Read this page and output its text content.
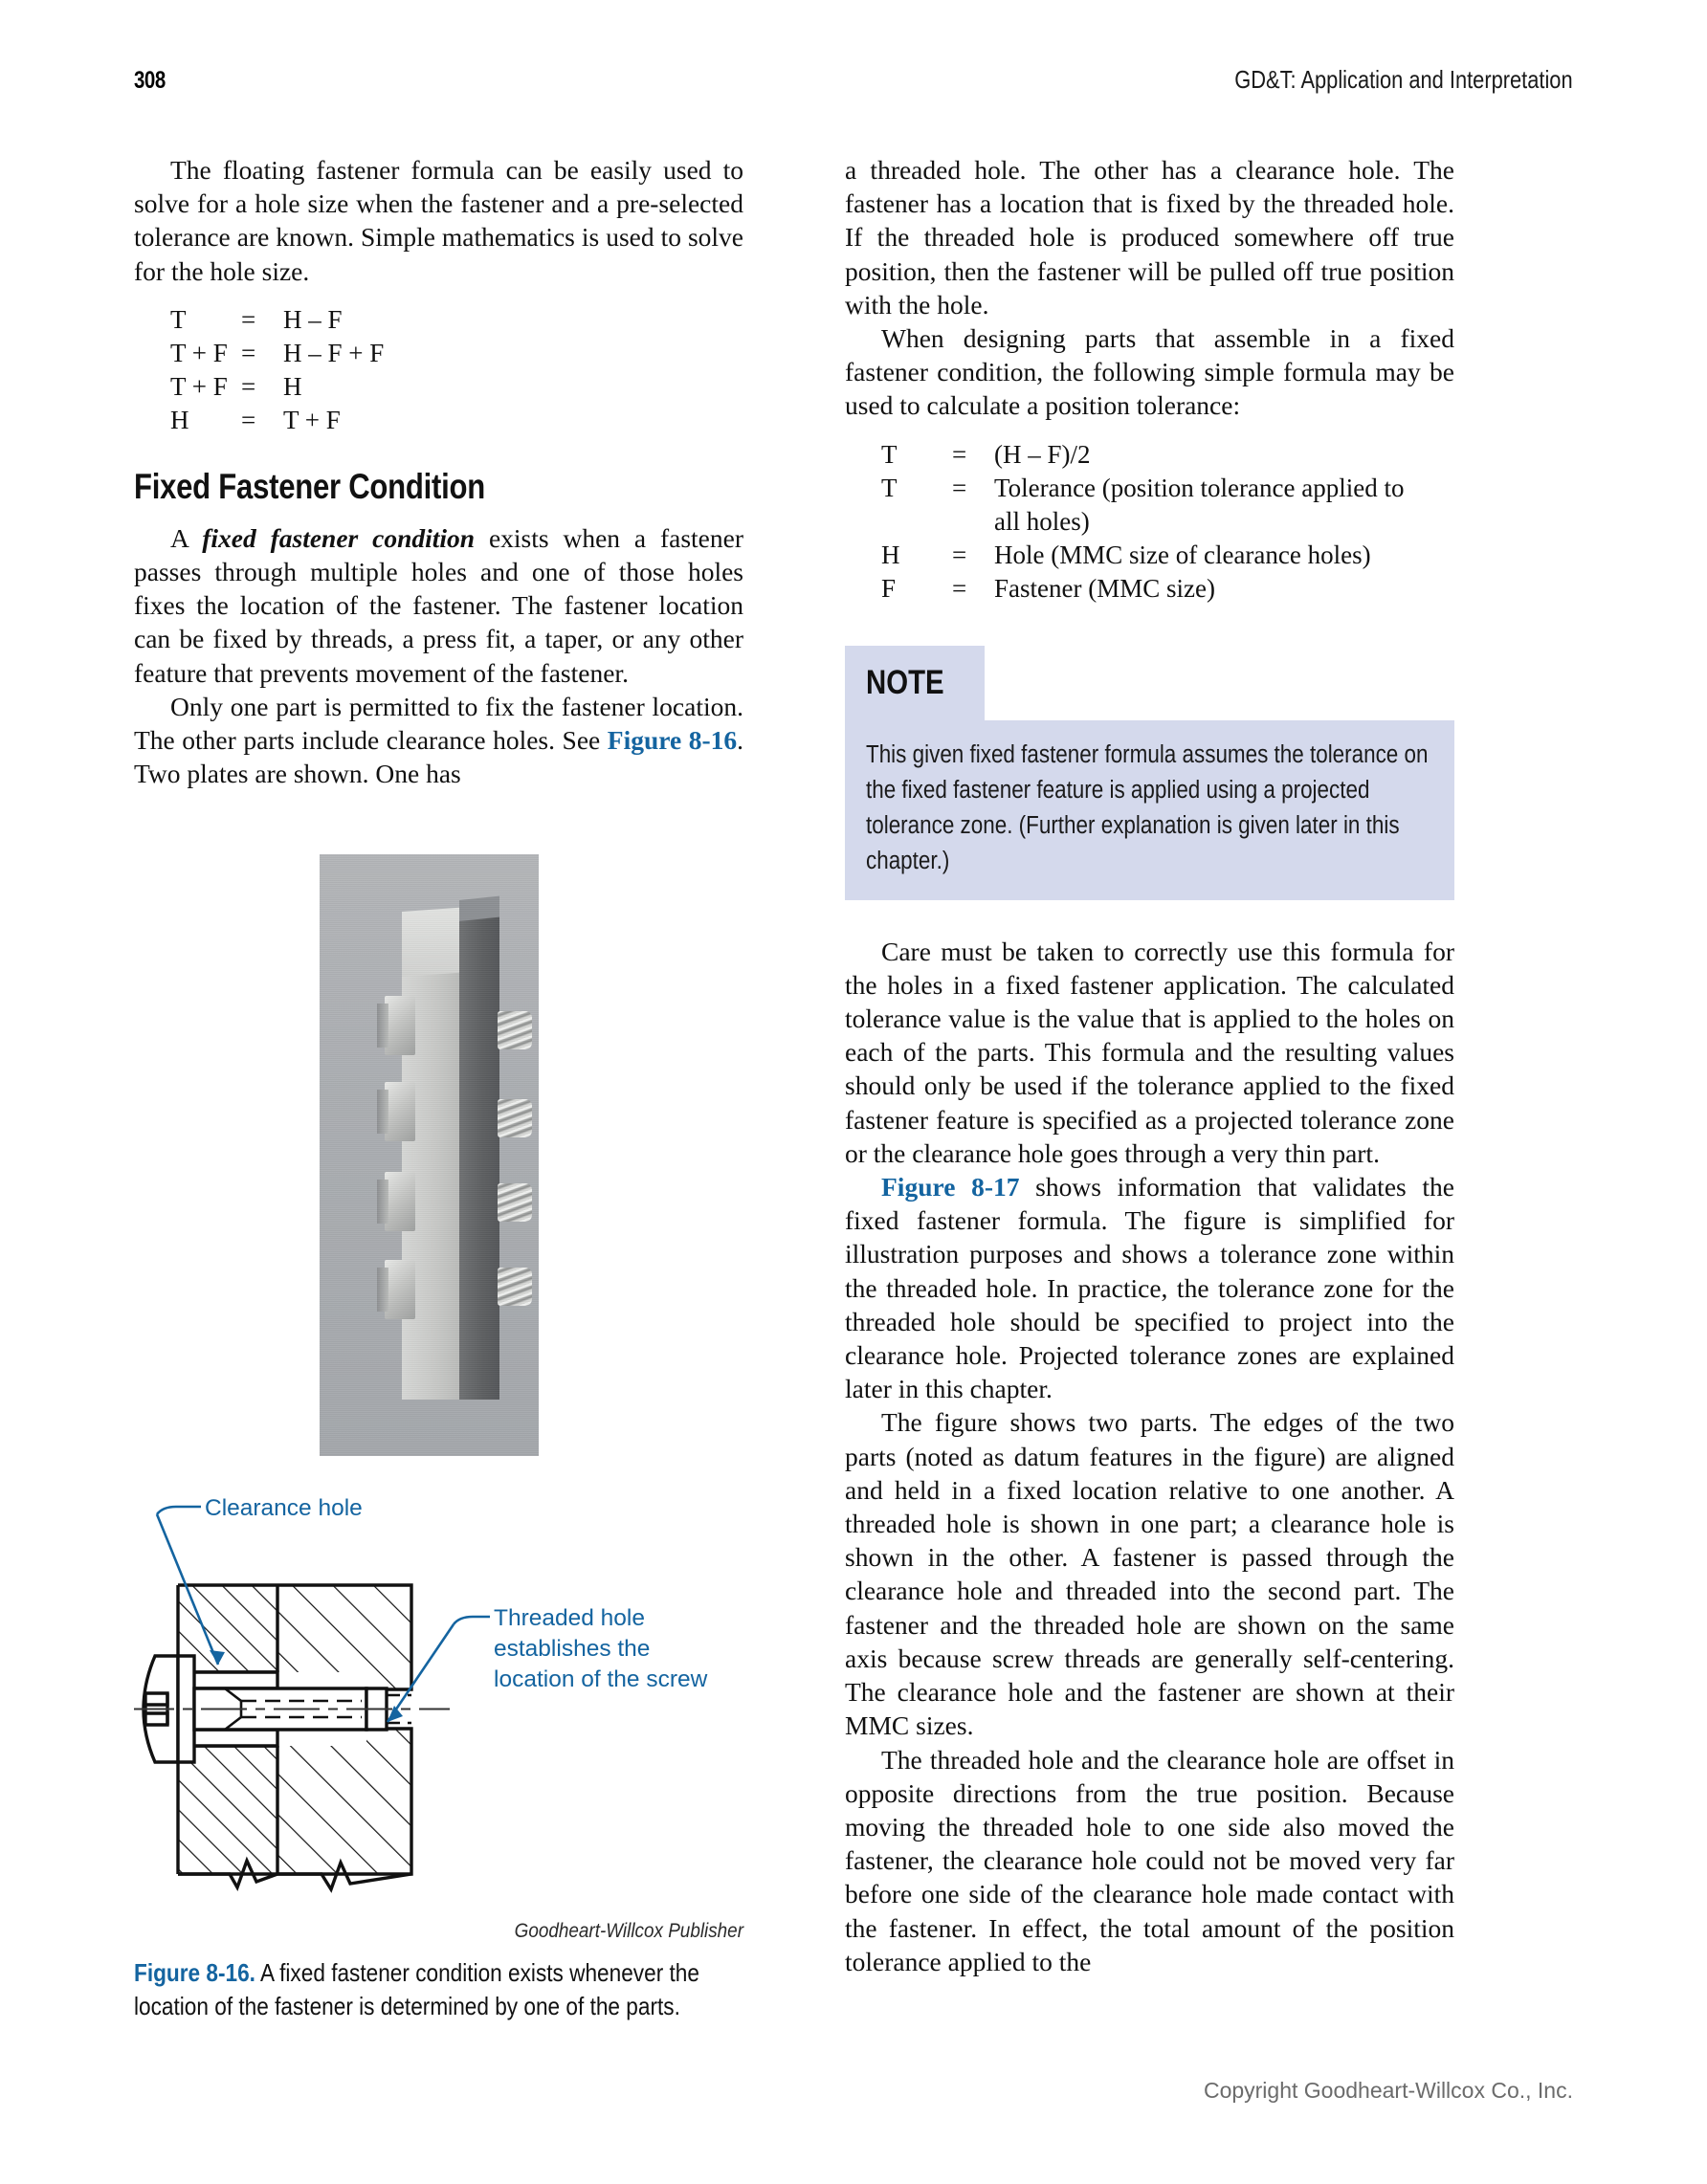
308	GD&T: Application and Interpretation

The floating fastener formula can be easily used to solve for a hole size when the fastener and a pre-selected tolerance are known. Simple mathematics is used to solve for the hole size.

T	=	H – F
T + F =	H – F + F
T + F =	H
H	=	T + F
Fixed Fastener Condition

A fixed fastener condition exists when a fastener passes through multiple holes and one of those holes fixes the location of the fastener. The fastener location can be fixed by threads, a press fit, a taper, or any other feature that prevents movement of the fastener.

Only one part is permitted to fix the fastener location. The other parts include clearance holes. See Figure 8-16. Two plates are shown. One has

Clearance hole
Threaded hole
establishes the
location of the screw
Goodheart-Willcox Publisher
Figure 8-16. A fixed fastener condition exists whenever the location of the fastener is determined by one of the parts.

a threaded hole. The other has a clearance hole. The fastener has a location that is fixed by the threaded hole. If the threaded hole is produced somewhere off true position, then the fastener will be pulled off true position with the hole.

When designing parts that assemble in a fixed fastener condition, the following simple formula may be used to calculate a position tolerance:

T	=	(H – F)/2
T	=	Tolerance (position tolerance applied to
all holes)
H	=	Hole (MMC size of clearance holes)
F	=	Fastener (MMC size)
NOTE

This given fixed fastener formula assumes the tolerance on the fixed fastener feature is applied using a projected tolerance zone. (Further explanation is given later in this chapter.)

Care must be taken to correctly use this formula for the holes in a fixed fastener application. The calculated tolerance value is the value that is applied to the holes on each of the parts. This formula and the resulting values should only be used if the tolerance applied to the fixed fastener feature is specified as a projected tolerance zone or the clearance hole goes through a very thin part.

Figure 8-17 shows information that validates the fixed fastener formula. The figure is simplified for illustration purposes and shows a tolerance zone within the threaded hole. In practice, the tolerance zone for the threaded hole should be specified to project into the clearance hole. Projected tolerance zones are explained later in this chapter.

The figure shows two parts. The edges of the two parts (noted as datum features in the figure) are aligned and held in a fixed location relative to one another. A threaded hole is shown in one part; a clearance hole is shown in the other. A fastener is passed through the clearance hole and threaded into the second part. The fastener and the threaded hole are shown on the same axis because screw threads are generally self-centering. The clearance hole and the fastener are shown at their MMC sizes.

The threaded hole and the clearance hole are offset in opposite directions from the true position. Because moving the threaded hole to one side also moved the fastener, the clearance hole could not be moved very far before one side of the clearance hole made contact with the fastener. In effect, the total amount of the position tolerance applied to the

Copyright Goodheart-Willcox Co., Inc.
